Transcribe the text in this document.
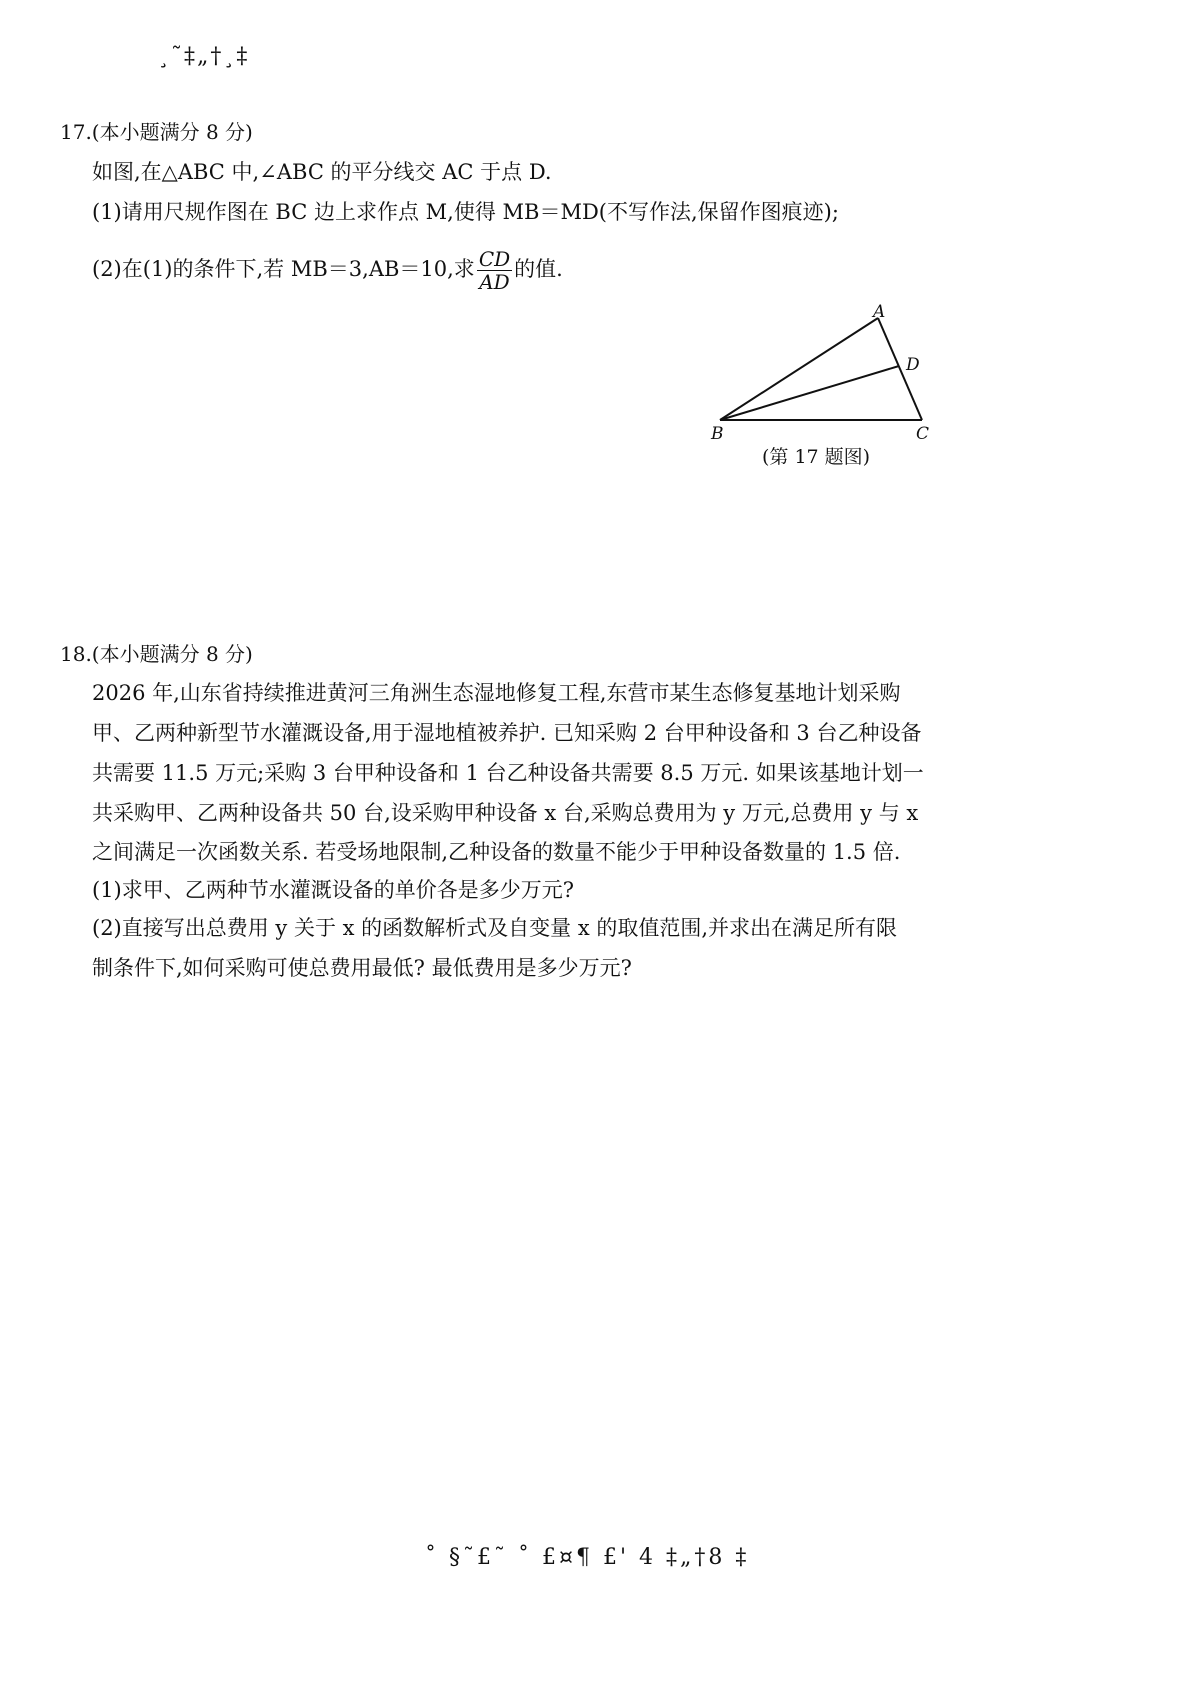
¸˜‡„†¸‡
17.(本小题满分 8 分)
如图,在△ABC 中,∠ABC 的平分线交 AC 于点 D.
(1)请用尺规作图在 BC 边上求作点 M,使得 MB＝MD(不写作法,保留作图痕迹);
(2)在(1)的条件下,若 MB＝3,AB＝10,求 $\frac{CD}{AD}$ 的值.
A
D
B	C
(第 17 题图)
18.(本小题满分 8 分)
2026 年,山东省持续推进黄河三角洲生态湿地修复工程,东营市某生态修复基地计划采购
甲、乙两种新型节水灌溉设备,用于湿地植被养护. 已知采购 2 台甲种设备和 3 台乙种设备
共需要 11.5 万元;采购 3 台甲种设备和 1 台乙种设备共需要 8.5 万元. 如果该基地计划一
共采购甲、乙两种设备共 50 台,设采购甲种设备 x 台,采购总费用为 y 万元,总费用 y 与 x
之间满足一次函数关系. 若受场地限制,乙种设备的数量不能少于甲种设备数量的 1.5 倍.
(1)求甲、乙两种节水灌溉设备的单价各是多少万元?
(2)直接写出总费用 y 关于 x 的函数解析式及自变量 x 的取值范围,并求出在满足所有限
制条件下,如何采购可使总费用最低? 最低费用是多少万元?
˚ §˜£˜ ˚ £¤¶ £' 4 ‡„†8 ‡
